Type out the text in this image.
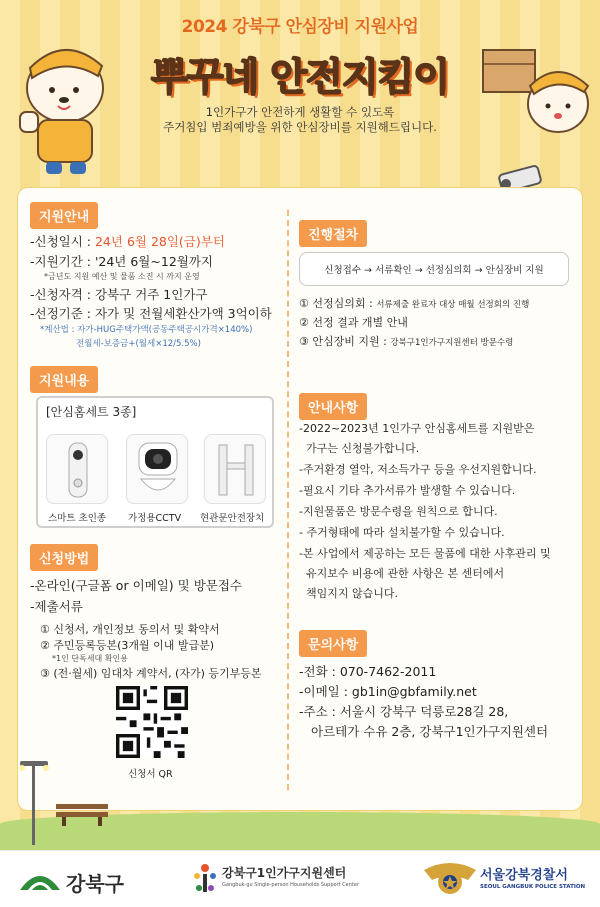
2024 강북구 안심장비 지원사업
뿌꾸네 안전지킴이
1인가구가 안전하게 생활할 수 있도록
주거침입 범죄예방을 위한 안심장비를 지원해드립니다.
지원안내
-신청일시 : 24년 6월 28일(금)부터
-지원기간 : '24년 6월~12월까지
*금년도 지원 예산 및 물품 소진 시 까지 운영
-신청자격 : 강북구 거주 1인가구
-선정기준 : 자가 및 전월세환산가액 3억이하
*계산법 : 자가-HUG주택가액(공동주택공시가격×140%)
전월세-보증금+(월세×12/5.5%)
지원내용
[안심홈세트 3종]
스마트 초인종 가정용CCTV 현관문안전장치
신청방법
-온라인(구글폼 or 이메일) 및 방문접수
-제출서류
① 신청서, 개인정보 동의서 및 확약서
② 주민등록등본(3개월 이내 발급분)
*1인 단독세대 확인용
③ (전·월세) 임대차 계약서, (자가) 등기부등본
신청서 QR
진행절차
신청접수 → 서류확인 → 선정심의회 → 안심장비 지원
① 선정심의회 : 서류제출 완료자 대상 매월 선정회의 진행
② 선정 결과 개별 안내
③ 안심장비 지원 : 강북구1인가구지원센터 방문수령
안내사항
-2022~2023년 1인가구 안심홈세트를 지원받은
가구는 신청불가합니다.
-주거환경 열악, 저소득가구 등을 우선지원합니다.
-필요시 기타 추가서류가 발생할 수 있습니다.
-지원물품은 방문수령을 원칙으로 합니다.
- 주거형태에 따라 설치불가할 수 있습니다.
-본 사업에서 제공하는 모든 물품에 대한 사후관리 및
유지보수 비용에 관한 사항은 본 센터에서
책임지지 않습니다.
문의사항
-전화 : 070-7462-2011
-이메일 : gb1in@gbfamily.net
-주소 : 서울시 강북구 덕릉로28길 28,
아르테가 수유 2층, 강북구1인가구지원센터
강북구	강북구1인가구지원센터
Gangbuk-gu Single-person Households Support Center
서울강북경찰서
SEOUL GANGBUK POLICE STATION
